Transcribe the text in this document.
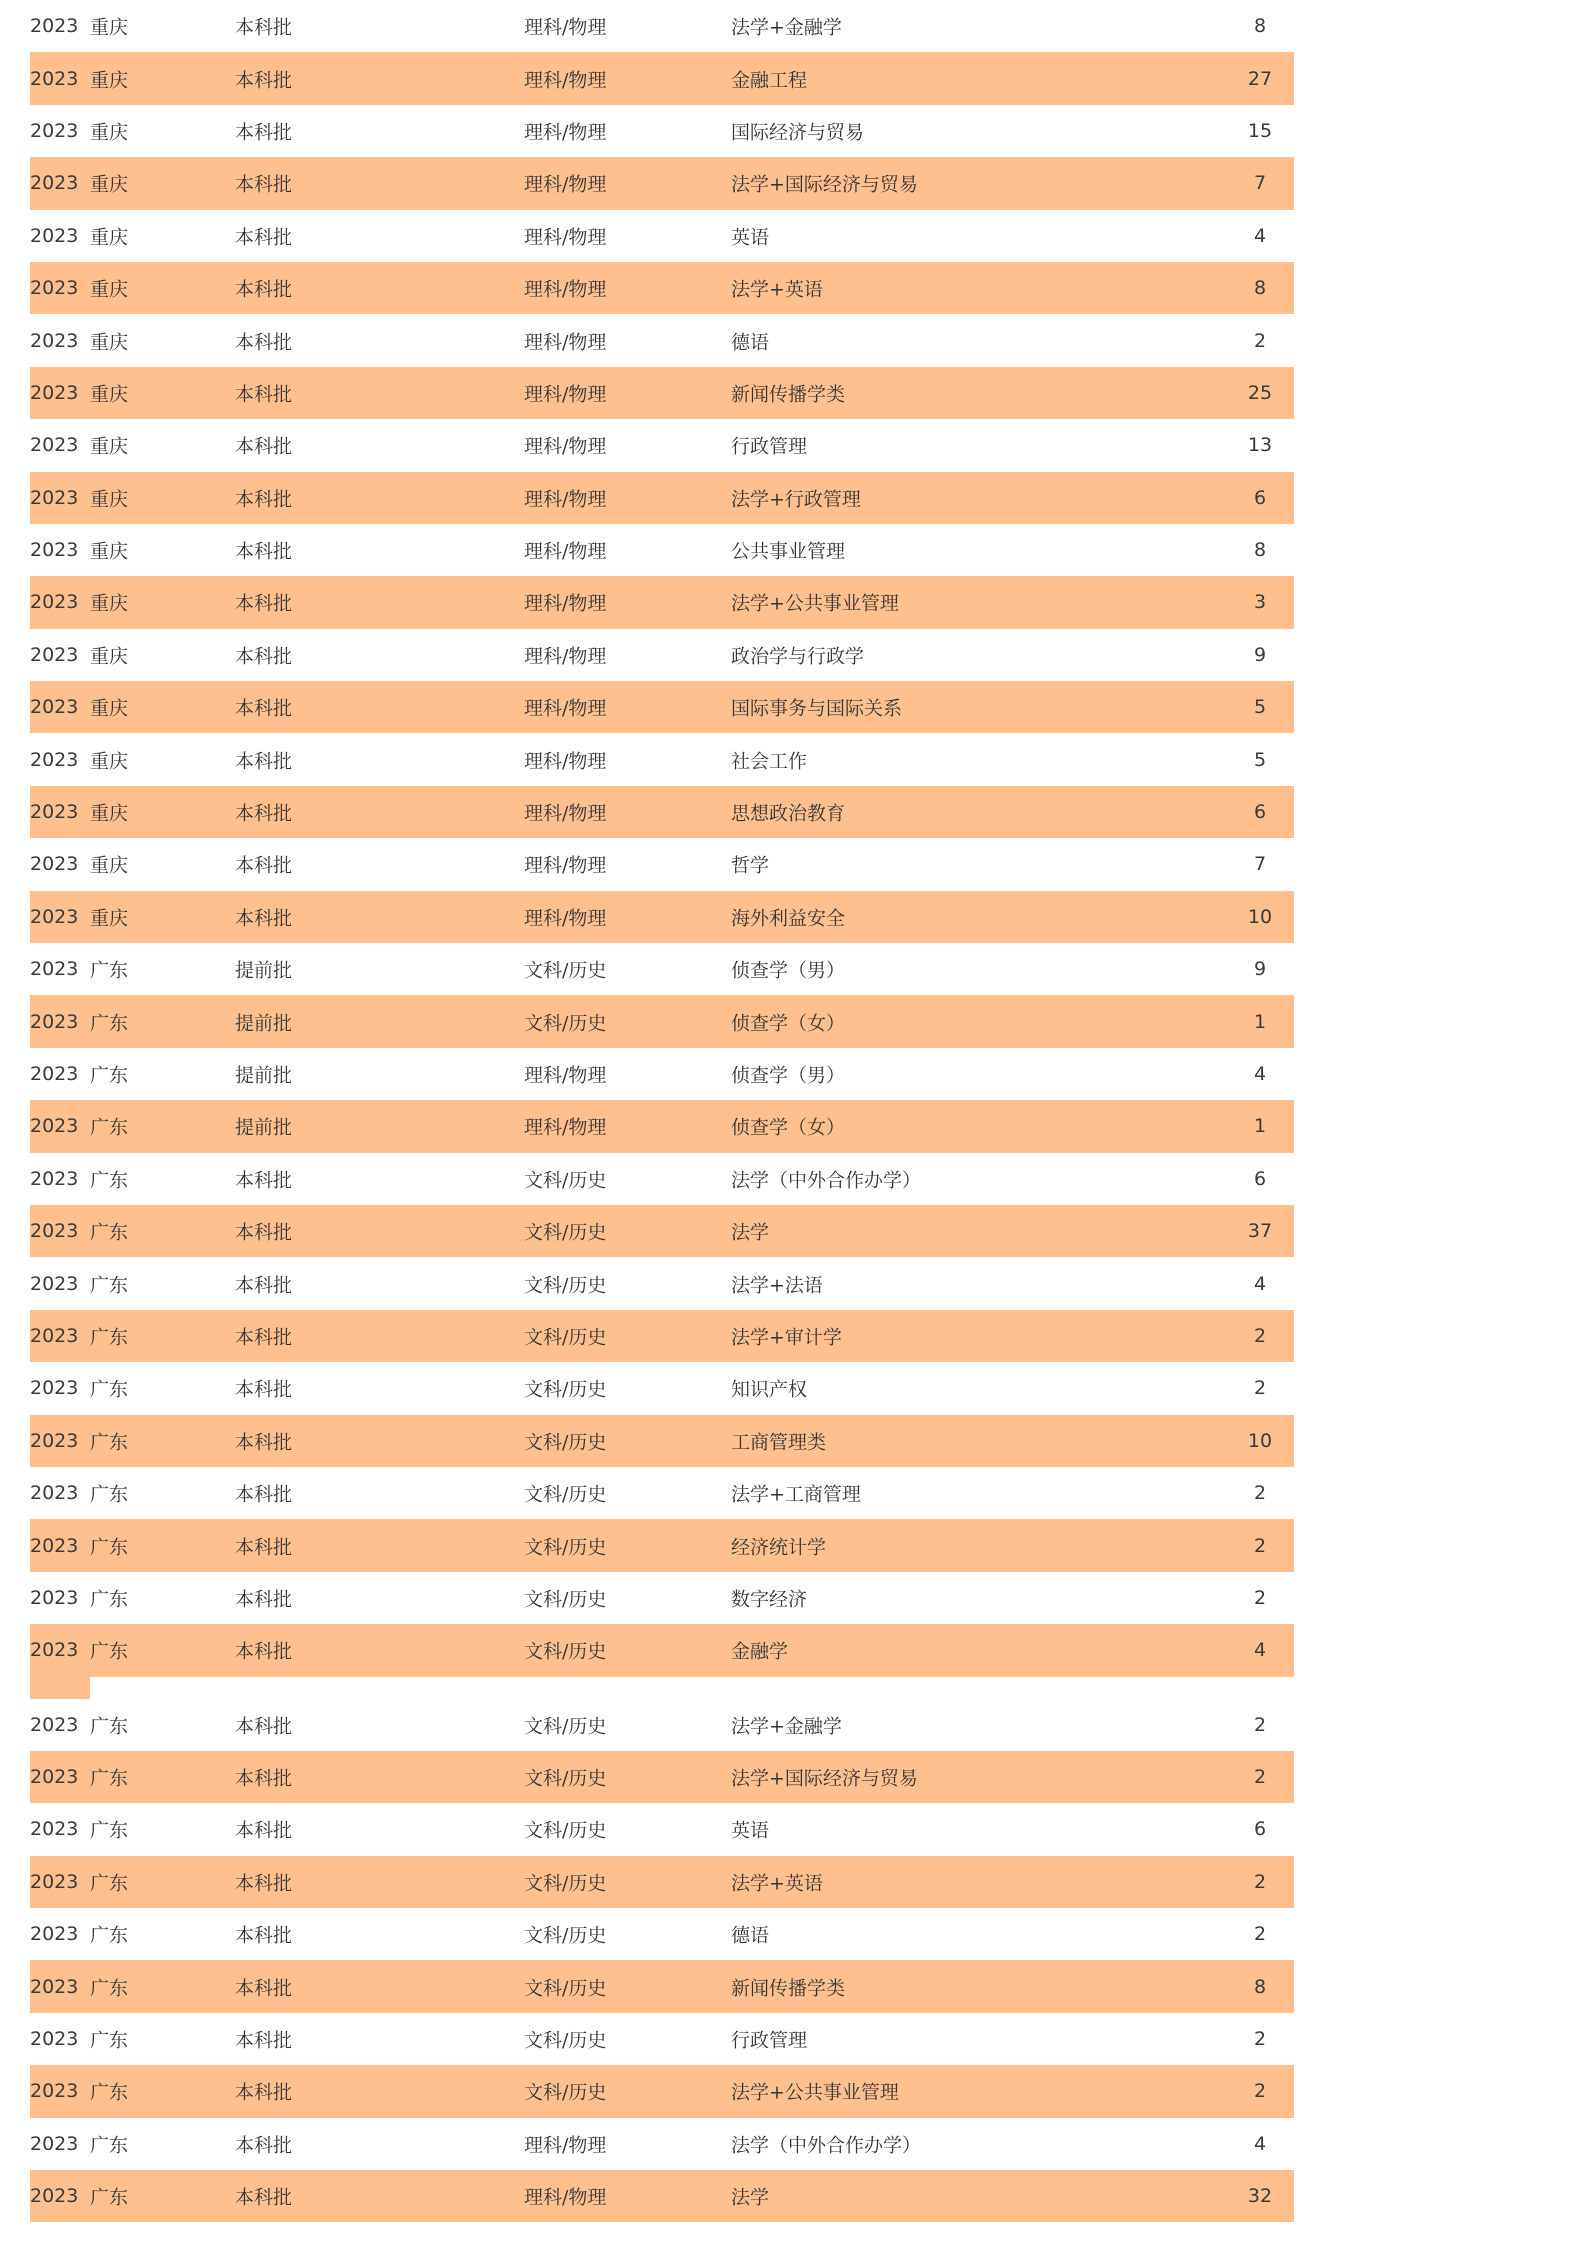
2023 重庆	本科批	理科/物理	法学+金融学	8
2023 重庆	本科批	理科/物理	金融工程	27
2023 重庆	本科批	理科/物理	国际经济与贸易	15
2023 重庆	本科批	理科/物理	法学+国际经济与贸易	7
2023 重庆	本科批	理科/物理	英语	4
2023 重庆	本科批	理科/物理	法学+英语	8
2023 重庆	本科批	理科/物理	德语	2
2023 重庆	本科批	理科/物理	新闻传播学类	25
2023 重庆	本科批	理科/物理	行政管理	13
2023 重庆	本科批	理科/物理	法学+行政管理	6
2023 重庆	本科批	理科/物理	公共事业管理	8
2023 重庆	本科批	理科/物理	法学+公共事业管理	3
2023 重庆	本科批	理科/物理	政治学与行政学	9
2023 重庆	本科批	理科/物理	国际事务与国际关系	5
2023 重庆	本科批	理科/物理	社会工作	5
2023 重庆	本科批	理科/物理	思想政治教育	6
2023 重庆	本科批	理科/物理	哲学	7
2023 重庆	本科批	理科/物理	海外利益安全	10
2023 广东	提前批	文科/历史	侦查学（男）	9
2023 广东	提前批	文科/历史	侦查学（女）	1
2023 广东	提前批	理科/物理	侦查学（男）	4
2023 广东	提前批	理科/物理	侦查学（女）	1
2023 广东	本科批	文科/历史	法学（中外合作办学）	6
2023 广东	本科批	文科/历史	法学	37
2023 广东	本科批	文科/历史	法学+法语	4
2023 广东	本科批	文科/历史	法学+审计学	2
2023 广东	本科批	文科/历史	知识产权	2
2023 广东	本科批	文科/历史	工商管理类	10
2023 广东	本科批	文科/历史	法学+工商管理	2
2023 广东	本科批	文科/历史	经济统计学	2
2023 广东	本科批	文科/历史	数字经济	2
2023 广东	本科批	文科/历史	金融学	4
2023 广东	本科批	文科/历史	法学+金融学	2
2023 广东	本科批	文科/历史	法学+国际经济与贸易	2
2023 广东	本科批	文科/历史	英语	6
2023 广东	本科批	文科/历史	法学+英语	2
2023 广东	本科批	文科/历史	德语	2
2023 广东	本科批	文科/历史	新闻传播学类	8
2023 广东	本科批	文科/历史	行政管理	2
2023 广东	本科批	文科/历史	法学+公共事业管理	2
2023 广东	本科批	理科/物理	法学（中外合作办学）	4
2023 广东	本科批	理科/物理	法学	32
